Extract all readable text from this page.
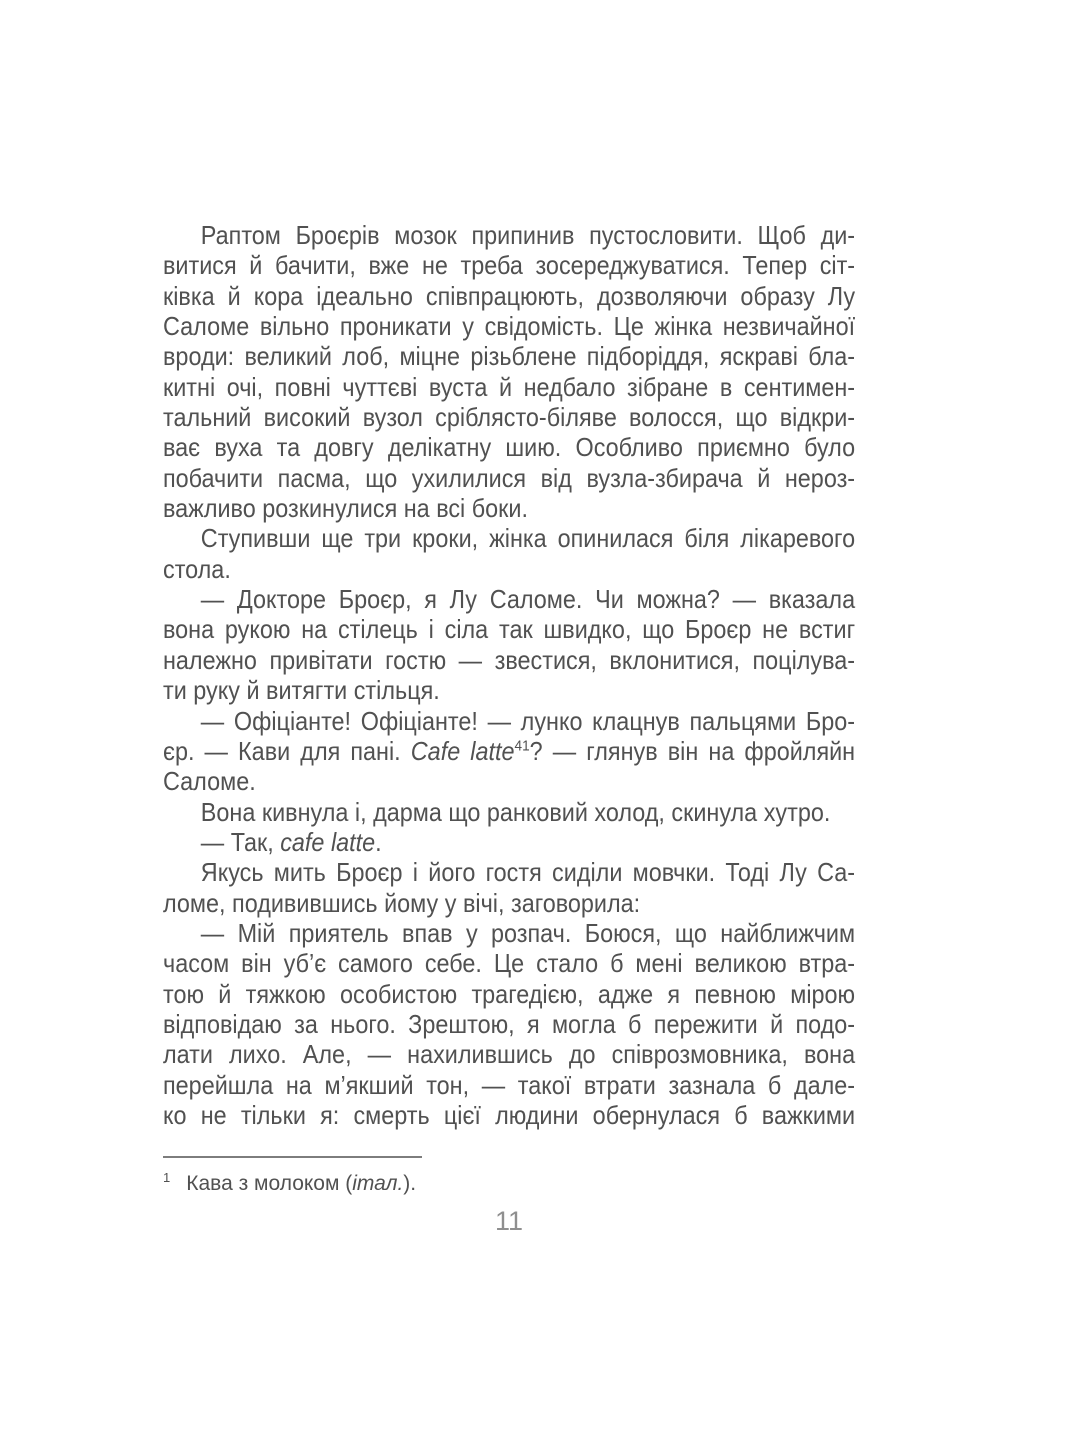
Раптом Броєрів мозок припинив пустословити. Щоб ди-
витися й бачити, вже не треба зосереджуватися. Тепер сіт-
ківка й кора ідеально співпрацюють, дозволяючи образу Лу
Саломе вільно проникати у свідомість. Це жінка незвичайної
вроди: великий лоб, міцне різьблене підборіддя, яскраві бла-
китні очі, повні чуттєві вуста й недбало зібране в сентимен-
тальний високий вузол сріблясто-біляве волосся, що відкри-
ває вуха та довгу делікатну шию. Особливо приємно було
побачити пасма, що ухилилися від вузла-збирача й нероз-
важливо розкинулися на всі боки.
Ступивши ще три кроки, жінка опинилася біля лікаревого
стола.
— Докторе Броєр, я Лу Саломе. Чи можна? — вказала
вона рукою на стілець і сіла так швидко, що Броєр не встиг
належно привітати гостю — звестися, вклонитися, поцілува-
ти руку й витягти стільця.
— Офіціанте! Офіціанте! — лунко клацнув пальцями Бро-
єр. — Кави для пані. Cafe latte$^{41}$? — глянув він на фройляйн
Саломе.
Вона кивнула і, дарма що ранковий холод, скинула хутро.
— Так, cafe latte.
Якусь мить Броєр і його гостя сиділи мовчки. Тоді Лу Са-
ломе, подивившись йому у вічі, заговорила:
— Мій приятель впав у розпач. Боюся, що найближчим
часом він уб’є самого себе. Це стало б мені великою втра-
тою й тяжкою особистою трагедією, адже я певною мірою
відповідаю за нього. Зрештою, я могла б пережити й подо-
лати лихо. Але, — нахилившись до співрозмовника, вона
перейшла на м’якший тон, — такої втрати зазнала б дале-
ко не тільки я: смерть цієї людини обернулася б важкими
$^1$ Кава з молоком (італ.).
11
